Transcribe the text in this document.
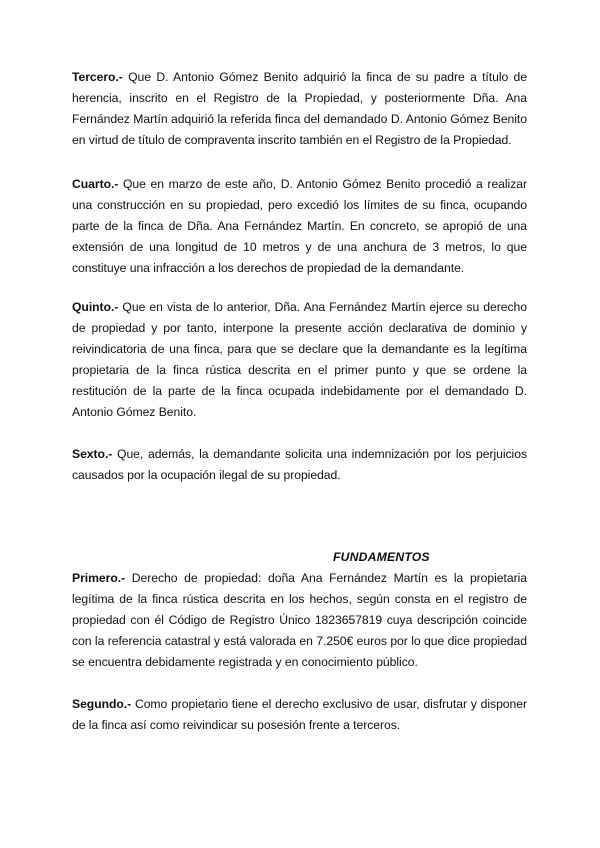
Tercero.- Que D. Antonio Gómez Benito adquirió la finca de su padre a título de herencia, inscrito en el Registro de la Propiedad, y posteriormente Dña. Ana Fernández Martín adquirió la referida finca del demandado D. Antonio Gómez Benito en virtud de título de compraventa inscrito también en el Registro de la Propiedad.

Cuarto.- Que en marzo de este año, D. Antonio Gómez Benito procedió a realizar una construcción en su propiedad, pero excedió los límites de su finca, ocupando parte de la finca de Dña. Ana Fernández Martín. En concreto, se apropió de una extensión de una longitud de 10 metros y de una anchura de 3 metros, lo que constituye una infracción a los derechos de propiedad de la demandante.

Quinto.- Que en vista de lo anterior, Dña. Ana Fernández Martín ejerce su derecho de propiedad y por tanto, interpone la presente acción declarativa de dominio y reivindicatoria de una finca, para que se declare que la demandante es la legítima propietaria de la finca rústica descrita en el primer punto y que se ordene la restitución de la parte de la finca ocupada indebidamente por el demandado D. Antonio Gómez Benito.

Sexto.- Que, además, la demandante solicita una indemnización por los perjuicios causados por la ocupación ilegal de su propiedad.

FUNDAMENTOS

Primero.- Derecho de propiedad: doña Ana Fernández Martín es la propietaria legítima de la finca rústica descrita en los hechos, según consta en el registro de propiedad con él Código de Registro Único 1823657819 cuya descripción coincide con la referencia catastral y está valorada en 7.250€ euros por lo que dice propiedad se encuentra debidamente registrada y en conocimiento público.

Segundo.- Como propietario tiene el derecho exclusivo de usar, disfrutar y disponer de la finca así como reivindicar su posesión frente a terceros.
